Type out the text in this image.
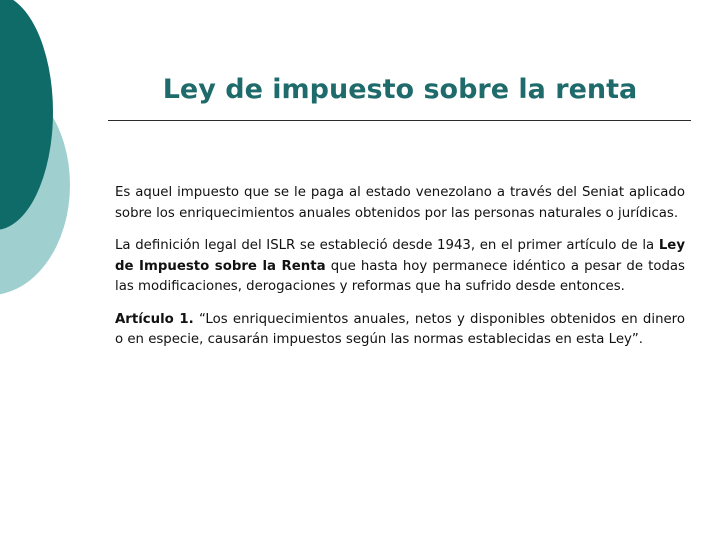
Ley de impuesto sobre la renta

Es aquel impuesto que se le paga al estado venezolano a través del Seniat aplicado sobre los enriquecimientos anuales obtenidos por las personas naturales o jurídicas.

La definición legal del ISLR se estableció desde 1943, en el primer artículo de la Ley de Impuesto sobre la Renta que hasta hoy permanece idéntico a pesar de todas las modificaciones, derogaciones y reformas que ha sufrido desde entonces.

Artículo 1. “Los enriquecimientos anuales, netos y disponibles obtenidos en dinero o en especie, causarán impuestos según las normas establecidas en esta Ley”.
